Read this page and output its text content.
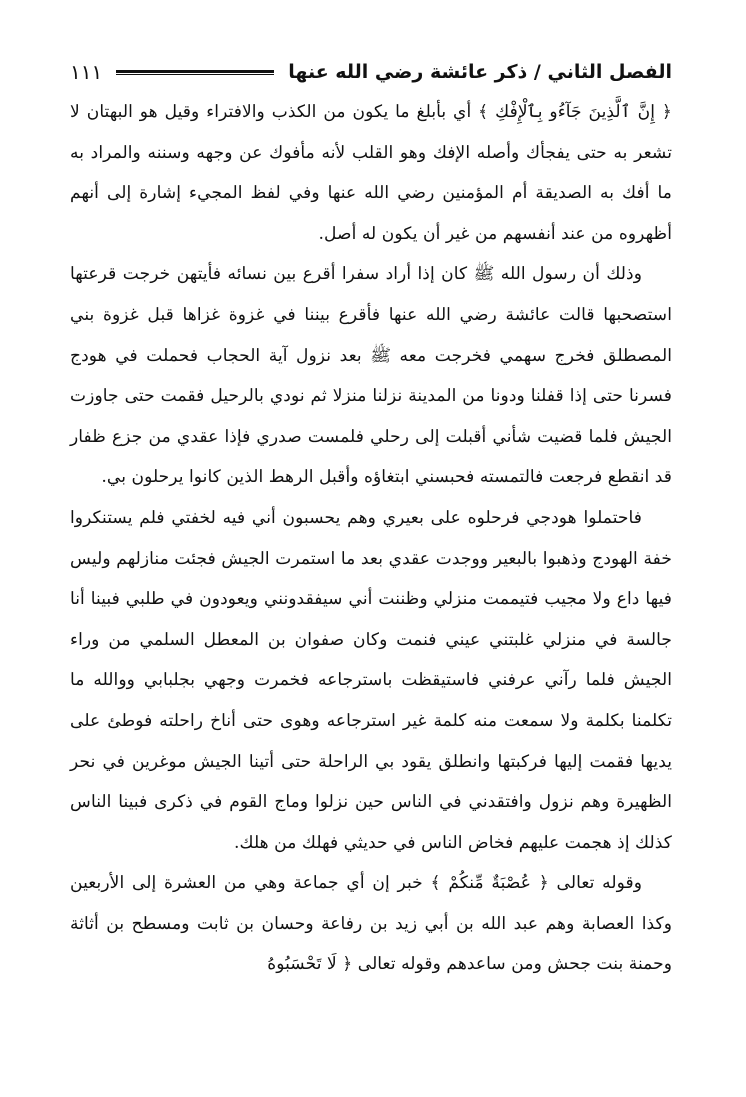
الفصل الثاني / ذكر عائشة رضي الله عنها
١١١

﴿ إِنَّ ٱلَّذِينَ جَآءُو بِٱلْإِفْكِ ﴾ أي بأبلغ ما يكون من الكذب والافتراء وقيل هو البهتان لا تشعر به حتى يفجأك وأصله الإفك وهو القلب لأنه مأفوك عن وجهه وسننه والمراد به ما أفك به الصديقة أم المؤمنين رضي الله عنها وفي لفظ المجيء إشارة إلى أنهم أظهروه من عند أنفسهم من غير أن يكون له أصل.

وذلك أن رسول الله ﷺ كان إذا أراد سفرا أقرع بين نسائه فأيتهن خرجت قرعتها استصحبها قالت عائشة رضي الله عنها فأقرع بيننا في غزوة غزاها قبل غزوة بني المصطلق فخرج سهمي فخرجت معه ﷺ بعد نزول آية الحجاب فحملت في هودج فسرنا حتى إذا قفلنا ودونا من المدينة نزلنا منزلا ثم نودي بالرحيل فقمت حتى جاوزت الجيش فلما قضيت شأني أقبلت إلى رحلي فلمست صدري فإذا عقدي من جزع ظفار قد انقطع فرجعت فالتمسته فحبسني ابتغاؤه وأقبل الرهط الذين كانوا يرحلون بي.

فاحتملوا هودجي فرحلوه على بعيري وهم يحسبون أني فيه لخفتي فلم يستنكروا خفة الهودج وذهبوا بالبعير ووجدت عقدي بعد ما استمرت الجيش فجئت منازلهم وليس فيها داع ولا مجيب فتيممت منزلي وظننت أني سيفقدونني ويعودون في طلبي فبينا أنا جالسة في منزلي غلبتني عيني فنمت وكان صفوان بن المعطل السلمي من وراء الجيش فلما رآني عرفني فاستيقظت باسترجاعه فخمرت وجهي بجلبابي ووالله ما تكلمنا بكلمة ولا سمعت منه كلمة غير استرجاعه وهوى حتى أناخ راحلته فوطئ على يديها فقمت إليها فركبتها وانطلق يقود بي الراحلة حتى أتينا الجيش موغرين في نحر الظهيرة وهم نزول وافتقدني في الناس حين نزلوا وماج القوم في ذكرى فبينا الناس كذلك إذ هجمت عليهم فخاض الناس في حديثي فهلك من هلك.

وقوله تعالى ﴿ عُصْبَةٌ مِّنكُمْ ﴾ خبر إن أي جماعة وهي من العشرة إلى الأربعين وكذا العصابة وهم عبد الله بن أبي زيد بن رفاعة وحسان بن ثابت ومسطح بن أثاثة وحمنة بنت جحش ومن ساعدهم وقوله تعالى ﴿ لَا تَحْسَبُوهُ
